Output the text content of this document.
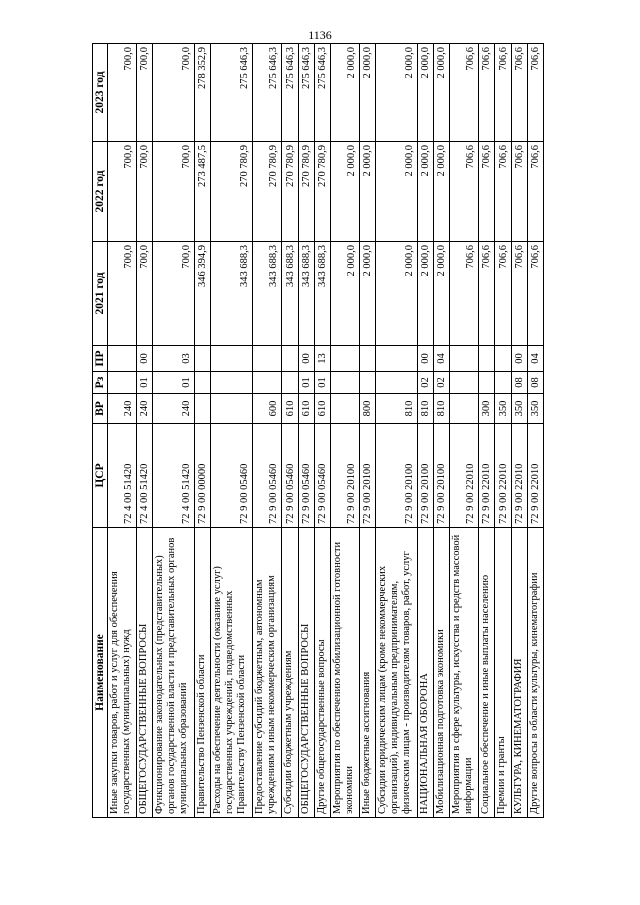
1136
Наименование	ЦСР	ВР	Рз	ПР	2021 год	2022 год	2023 год
Иные закупки товаров, работ и услуг для обеспечения государственных (муниципальных) нужд	72 4 00 51420	240			700,0	700,0	700,0
ОБЩЕГОСУДАРСТВЕННЫЕ ВОПРОСЫ	72 4 00 51420	240	01	00	700,0	700,0	700,0
Функционирование законодательных (представительных) органов государственной власти и представительных органов муниципальных образований	72 4 00 51420	240	01	03	700,0	700,0	700,0
Правительство Пензенской области	72 9 00 00000				346 394,9	273 487,5	278 352,9
Расходы на обеспечение деятельности (оказание услуг) государственных учреждений, подведомственных Правительству Пензенской области	72 9 00 05460				343 688,3	270 780,9	275 646,3
Предоставление субсидий бюджетным, автономным учреждениям и иным некоммерческим организациям	72 9 00 05460	600			343 688,3	270 780,9	275 646,3
Субсидии бюджетным учреждениям	72 9 00 05460	610			343 688,3	270 780,9	275 646,3
ОБЩЕГОСУДАРСТВЕННЫЕ ВОПРОСЫ	72 9 00 05460	610	01	00	343 688,3	270 780,9	275 646,3
Другие общегосударственные вопросы	72 9 00 05460	610	01	13	343 688,3	270 780,9	275 646,3
Мероприятия по обеспечению мобилизационной готовности экономики	72 9 00 20100				2 000,0	2 000,0	2 000,0
Иные бюджетные ассигнования	72 9 00 20100	800			2 000,0	2 000,0	2 000,0
Субсидии юридическим лицам (кроме некоммерческих организаций), индивидуальным предпринимателям, физическим лицам - производителям товаров, работ, услуг	72 9 00 20100	810			2 000,0	2 000,0	2 000,0
НАЦИОНАЛЬНАЯ ОБОРОНА	72 9 00 20100	810	02	00	2 000,0	2 000,0	2 000,0
Мобилизационная подготовка экономики	72 9 00 20100	810	02	04	2 000,0	2 000,0	2 000,0
Мероприятия в сфере культуры, искусства и средств массовой информации	72 9 00 22010				706,6	706,6	706,6
Социальное обеспечение и иные выплаты населению	72 9 00 22010	300			706,6	706,6	706,6
Премии и гранты	72 9 00 22010	350			706,6	706,6	706,6
КУЛЬТУРА, КИНЕМАТОГРАФИЯ	72 9 00 22010	350	08	00	706,6	706,6	706,6
Другие вопросы в области культуры, кинематографии	72 9 00 22010	350	08	04	706,6	706,6	706,6
